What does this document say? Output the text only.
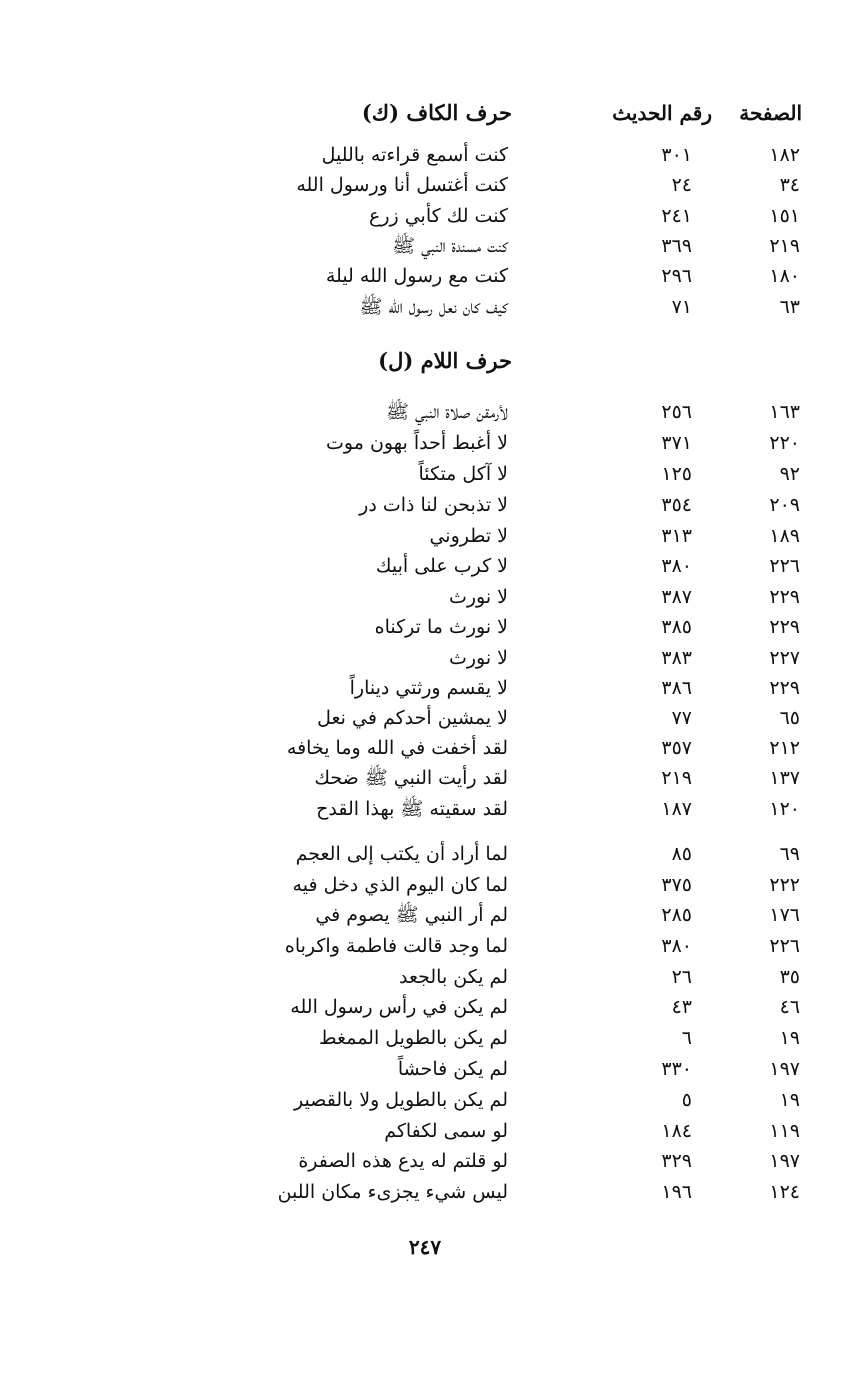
حرف الكاف (ك)	رقم الحديث الصفحة
كنت أسمع قراءته بالليل	٣٠١	١٨٢
كنت أغتسل أنا ورسول الله	٢٤	٣٤
كنت لك كأبي زرع	٢٤١	١٥١
كنت مسندة النبي ﷺ	٣٦٩	٢١٩
كنت مع رسول الله ليلة	٢٩٦	١٨٠
كيف كان نعل رسول الله ﷺ	٧١	٦٣
حرف اللام (ل)
لأرمقن صلاة النبي ﷺ	٢٥٦	١٦٣
لا أغبط أحداً بهون موت	٣٧١	٢٢٠
لا آكل متكئاً	١٢٥	٩٢
لا تذبحن لنا ذات در	٣٥٤	٢٠٩
لا تطروني	٣١٣	١٨٩
لا كرب على أبيك	٣٨٠	٢٢٦
لا نورث	٣٨٧	٢٢٩
لا نورث ما تركناه	٣٨٥	٢٢٩
لا نورث	٣٨٣	٢٢٧
لا يقسم ورثتي ديناراً	٣٨٦	٢٢٩
لا يمشين أحدكم في نعل	٧٧	٦٥
لقد أخفت في الله وما يخافه	٣٥٧	٢١٢
لقد رأيت النبي ﷺ ضحك	٢١٩	١٣٧
لقد سقيته ﷺ بهذا القدح	١٨٧	١٢٠
لما أراد أن يكتب إلى العجم	٨٥	٦٩
لما كان اليوم الذي دخل فيه	٣٧٥	٢٢٢
لم أر النبي ﷺ يصوم في	٢٨٥	١٧٦
لما وجد قالت فاطمة واكرباه	٣٨٠	٢٢٦
لم يكن بالجعد	٢٦	٣٥
لم يكن في رأس رسول الله	٤٣	٤٦
لم يكن بالطويل الممغط	٦	١٩
لم يكن فاحشاً	٣٣٠	١٩٧
لم يكن بالطويل ولا بالقصير	٥	١٩
لو سمى لكفاكم	١٨٤	١١٩
لو قلتم له يدع هذه الصفرة	٣٢٩	١٩٧
ليس شيء يجزىء مكان اللبن	١٩٦	١٢٤
٢٤٧
